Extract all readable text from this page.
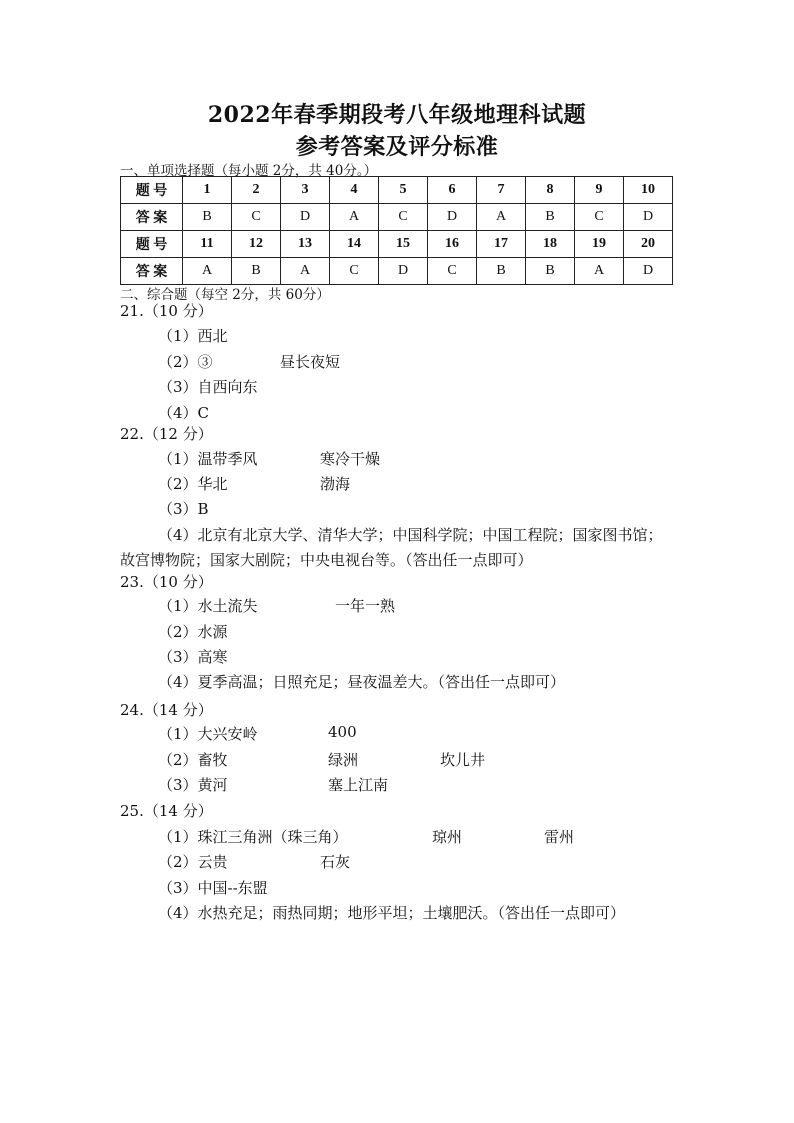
2022年春季期段考八年级地理科试题
参考答案及评分标准
一、单项选择题（每小题 2分，共 40分。）
题 号	1	2	3	4	5	6	7	8	9	10
答 案	B	C	D	A	C	D	A	B	C	D
题 号	11	12	13	14	15	16	17	18	19	20
答 案	A	B	A	C	D	C	B	B	A	D
二、综合题（每空 2分，共 60分）
21.（10 分）
（1）西北
（2）③	昼长夜短
（3）自西向东
（4）C
22.（12 分）
（1）温带季风	寒冷干燥
（2）华北	渤海
（3）B
（4）北京有北京大学、清华大学；中国科学院；中国工程院；国家图书馆；
故宫博物院；国家大剧院；中央电视台等。（答出任一点即可）
23.（10 分）
（1）水土流失	一年一熟
（2）水源
（3）高寒
（4）夏季高温；日照充足；昼夜温差大。（答出任一点即可）
24.（14 分）
（1）大兴安岭	400
（2）畜牧	绿洲	坎儿井
（3）黄河	塞上江南
25.（14 分）
（1）珠江三角洲（珠三角）	琼州	雷州
（2）云贵	石灰
（3）中国--东盟
（4）水热充足；雨热同期；地形平坦；土壤肥沃。（答出任一点即可）
